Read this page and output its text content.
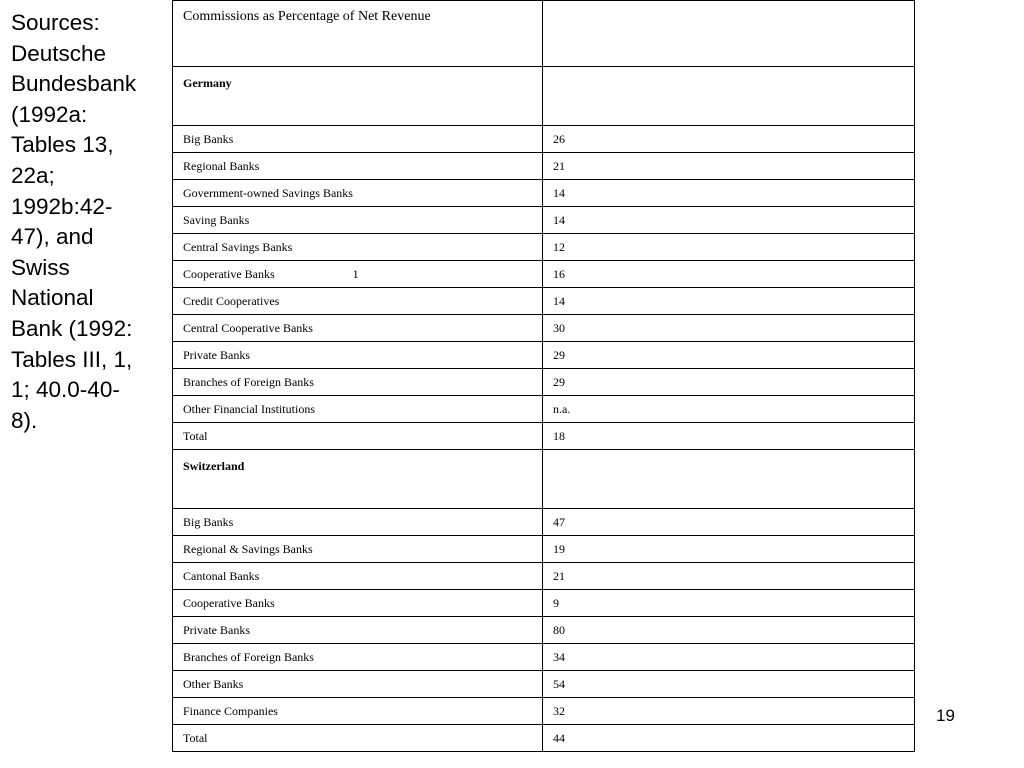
Sources:
Deutsche
Bundesbank
(1992a:
Tables 13,
22a;
1992b:42-
47), and
Swiss
National
Bank (1992:
Tables III, 1,
1; 40.0-40-
8).
Commissions as Percentage of Net Revenue	
Germany	
Big Banks	26
Regional Banks	21
Government-owned Savings Banks	14
Saving Banks	14
Central Savings Banks	12
Cooperative Banks 1	16
Credit Cooperatives	14
Central Cooperative Banks	30
Private Banks	29
Branches of Foreign Banks	29
Other Financial Institutions	n.a.
Total	18
Switzerland	
Big Banks	47
Regional & Savings Banks	19
Cantonal Banks	21
Cooperative Banks	9
Private Banks	80
Branches of Foreign Banks	34
Other Banks	54
Finance Companies	32
Total	44
19
